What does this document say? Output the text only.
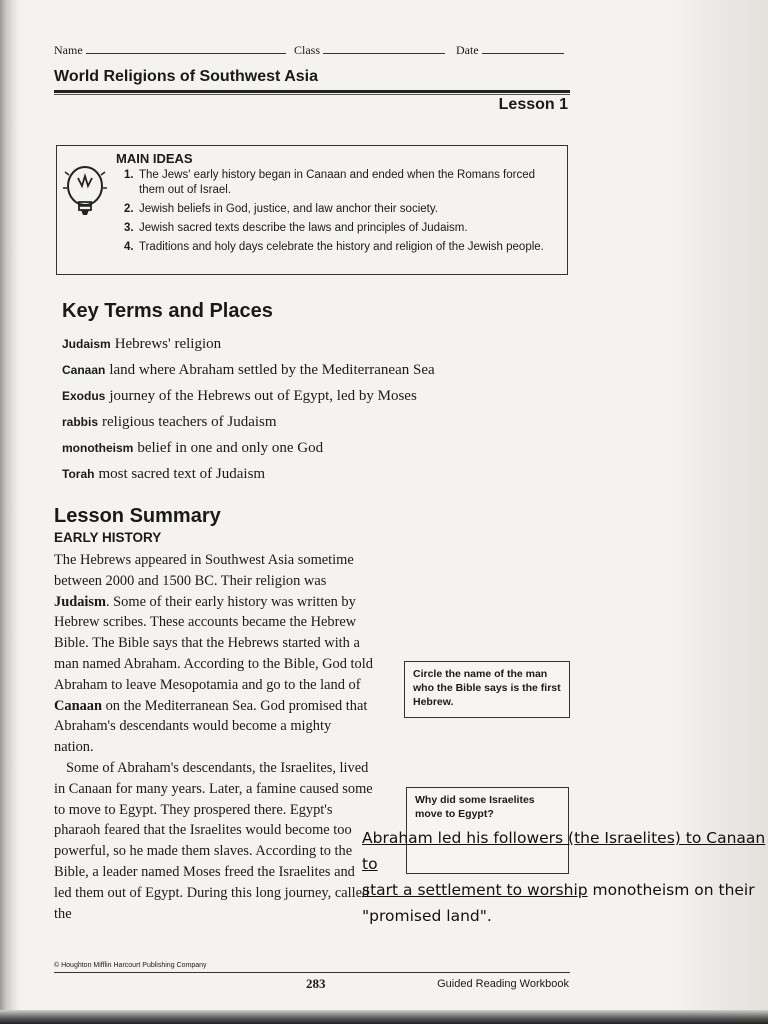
Name	Class	Date
World Religions of Southwest Asia
Lesson 1
MAIN IDEAS
1. The Jews' early history began in Canaan and ended when the Romans forced them out of Israel.
2. Jewish beliefs in God, justice, and law anchor their society.
3. Jewish sacred texts describe the laws and principles of Judaism.
4. Traditions and holy days celebrate the history and religion of the Jewish people.
Key Terms and Places
Judaism Hebrews' religion
Canaan land where Abraham settled by the Mediterranean Sea
Exodus journey of the Hebrews out of Egypt, led by Moses
rabbis religious teachers of Judaism
monotheism belief in one and only one God
Torah most sacred text of Judaism
Lesson Summary
EARLY HISTORY

The Hebrews appeared in Southwest Asia sometime between 2000 and 1500 BC. Their religion was Judaism. Some of their early history was written by Hebrew scribes. These accounts became the Hebrew Bible. The Bible says that the Hebrews started with a man named Abraham. According to the Bible, God told Abraham to leave Mesopotamia and go to the land of Canaan on the Mediterranean Sea. God promised that Abraham's descendants would become a mighty nation.

Some of Abraham's descendants, the Israelites, lived in Canaan for many years. Later, a famine caused some to move to Egypt. They prospered there. Egypt's pharaoh feared that the Israelites would become too powerful, so he made them slaves. According to the Bible, a leader named Moses freed the Israelites and led them out of Egypt. During this long journey, called the

Circle the name of the man who the Bible says is the first Hebrew.
Why did some Israelites move to Egypt?
Abraham led his followers (the Israelites) to Canaan to
start a settlement to worship monotheism on their
"promised land".
© Houghton Mifflin Harcourt Publishing Company
283	Guided Reading Workbook
